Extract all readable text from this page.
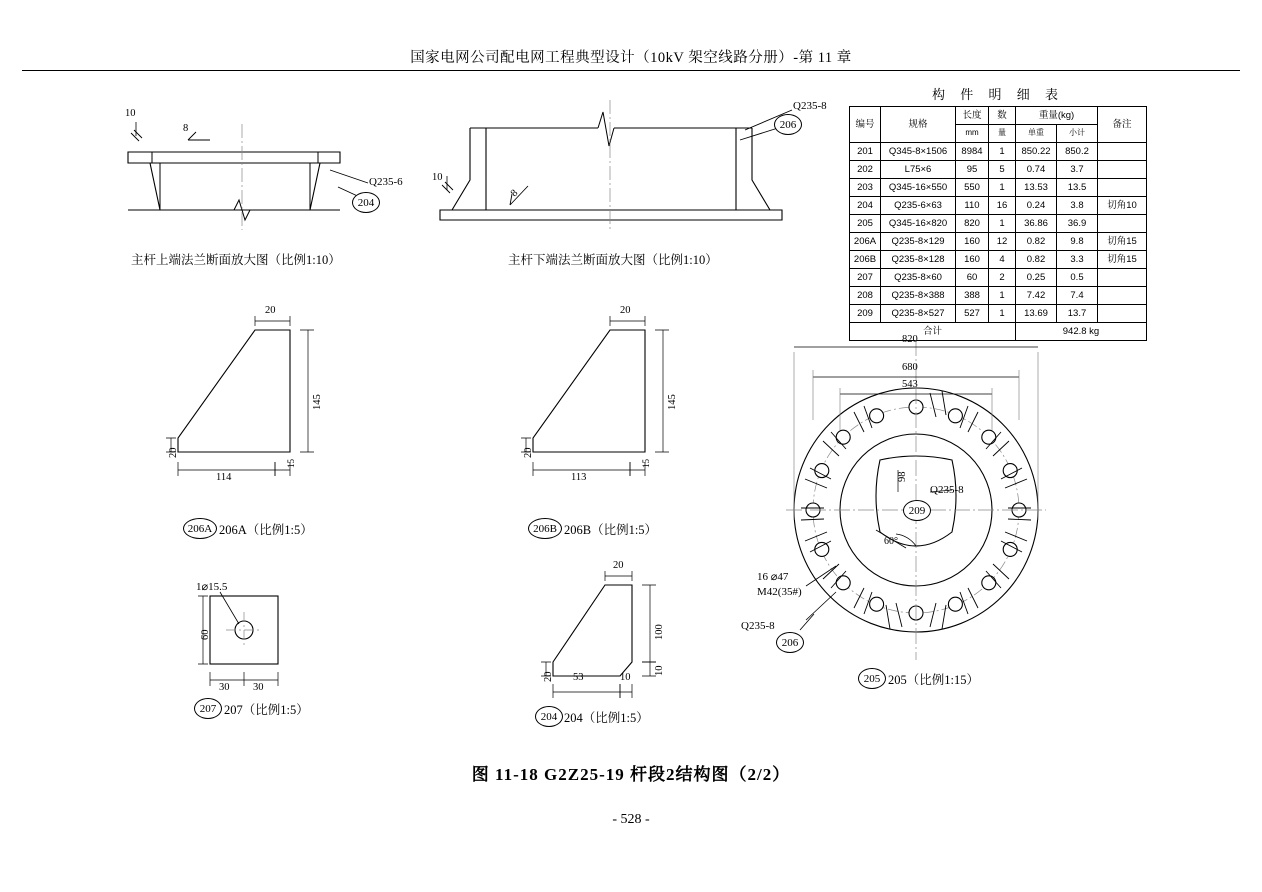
国家电网公司配电网工程典型设计（10kV 架空线路分册）-第 11 章
构 件 明 细 表
编号	规格	长度	数	重量(kg)		备注
		mm	量	单重	小计	
201	Q345-8×1506	8984	1	850.22	850.2	
202	L75×6	95	5	0.74	3.7	
203	Q345-16×550	550	1	13.53	13.5	
204	Q235-6×63	110	16	0.24	3.8	切角10
205	Q345-16×820	820	1	36.86	36.9	
206A	Q235-8×129	160	12	0.82	9.8	切角15
206B	Q235-8×128	160	4	0.82	3.3	切角15
207	Q235-8×60	60	2	0.25	0.5	
208	Q235-8×388	388	1	7.42	7.4	
209	Q235-8×527	527	1	13.69	13.7	
合计				942.8 kg		
10
8
Q235-6
204
主杆上端法兰断面放大图（比例1:10）
10
8
Q235-8
206
主杆下端法兰断面放大图（比例1:10）
20
145
20
114
15
206A 206A（比例1:5）
20
145
20
113
15
206B 206B（比例1:5）
1⌀15.5
60
30 30
207 207（比例1:5）
20
100
20 53	10
10
204 204（比例1:5）
820
680
543
98
60°
Q235-8
209
16 ⌀47
M42(35#)
Q235-8
206
205 205（比例1:15）
图 11-18 G2Z25-19 杆段2结构图（2/2）
- 528 -
